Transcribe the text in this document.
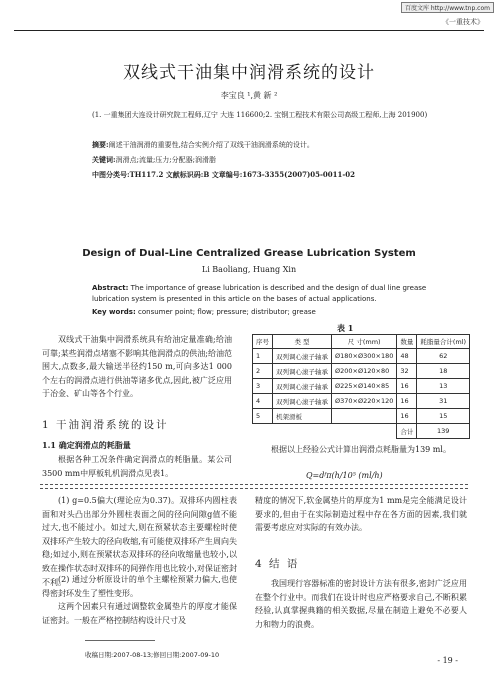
百度文库 http://www.tnp.com
《一重技术》
双线式干油集中润滑系统的设计
李宝良 ¹,黄 新 ²
(1. 一重集团大连设计研究院工程师,辽宁 大连 116600;2. 宝钢工程技术有限公司高级工程师,上海 201900)
摘要:阐述干油润滑的重要性,结合实例介绍了双线干油润滑系统的设计。
关键词:润滑点;流量;压力;分配器;润滑脂
中图分类号:TH117.2 文献标识码:B 文章编号:1673-3355(2007)05-0011-02
Design of Dual-Line Centralized Grease Lubrication System
Li Baoliang, Huang Xin
Abstract: The importance of grease lubrication is described and the design of dual line grease lubrication system is presented in this article on the bases of actual applications.
Key words: consumer point; flow; pressure; distributor; grease
双线式干油集中润滑系统具有给油定量准确;给油可靠;某些润滑点堵塞不影响其他润滑点的供油;给油范围大,点数多,最大输送半径约150 m,可向多达1 000个左右的润滑点进行供油等诸多优点,因此,被广泛应用于冶金、矿山等各个行业。
1 干油润滑系统的设计
1.1 确定润滑点的耗脂量
根据各种工况条件确定润滑点的耗脂量。某公司3500 mm中厚板轧机润滑点见表1。
表 1
序号	类 型	尺 寸(mm)	数量	耗脂量合计(ml)
1	双列调心滚子轴承	Ø180×Ø300×180	48	62
2	双列调心滚子轴承	Ø200×Ø120×80	32	18
3	双列调心滚子轴承	Ø225×Ø140×85	16	13
4	双列调心滚子轴承	Ø370×Ø220×120	16	31
5	机架滑板		16	15
			合计	139
根据以上经验公式计算出润滑点耗脂量为139 ml。
Q=dᶠπ(h/10⁵ (ml/h)
(1) g=0.5偏大(理论应为0.37)。双排环内圆柱表面和对头凸出部分外圆柱表面之间的径向间隙g值不能过大,也不能过小。如过大,则在预紧状态主要螺栓时使双排环产生较大的径向收缩,有可能使双排环产生周向失稳;如过小,则在预紧状态双排环的径向收缩量也较小,以致在操作状态时双排环的间弹作用也比较小,对保证密封不利。
(2) 通过分析原设计的单个主螺栓预紧力偏大,也使得密封环发生了塑性变形。
这两个因素只有通过调整软金属垫片的厚度才能保证密封。一般在严格控制结构设计尺寸及
精度的情况下,软金属垫片的厚度为1 mm是完全能满足设计要求的,但由于在实际制造过程中存在各方面的因素,我们就需要考虑应对实际的有效办法。
4 结 语
我国现行容器标准的密封设计方法有很多,密封广泛应用在整个行业中。而我们在设计时也应严格要求自己,不断积累经验,认真掌握典籍的相关数据,尽量在制造上避免不必要人力和物力的浪费。
收稿日期:2007-08-13;修回日期:2007-09-10
- 19 -
